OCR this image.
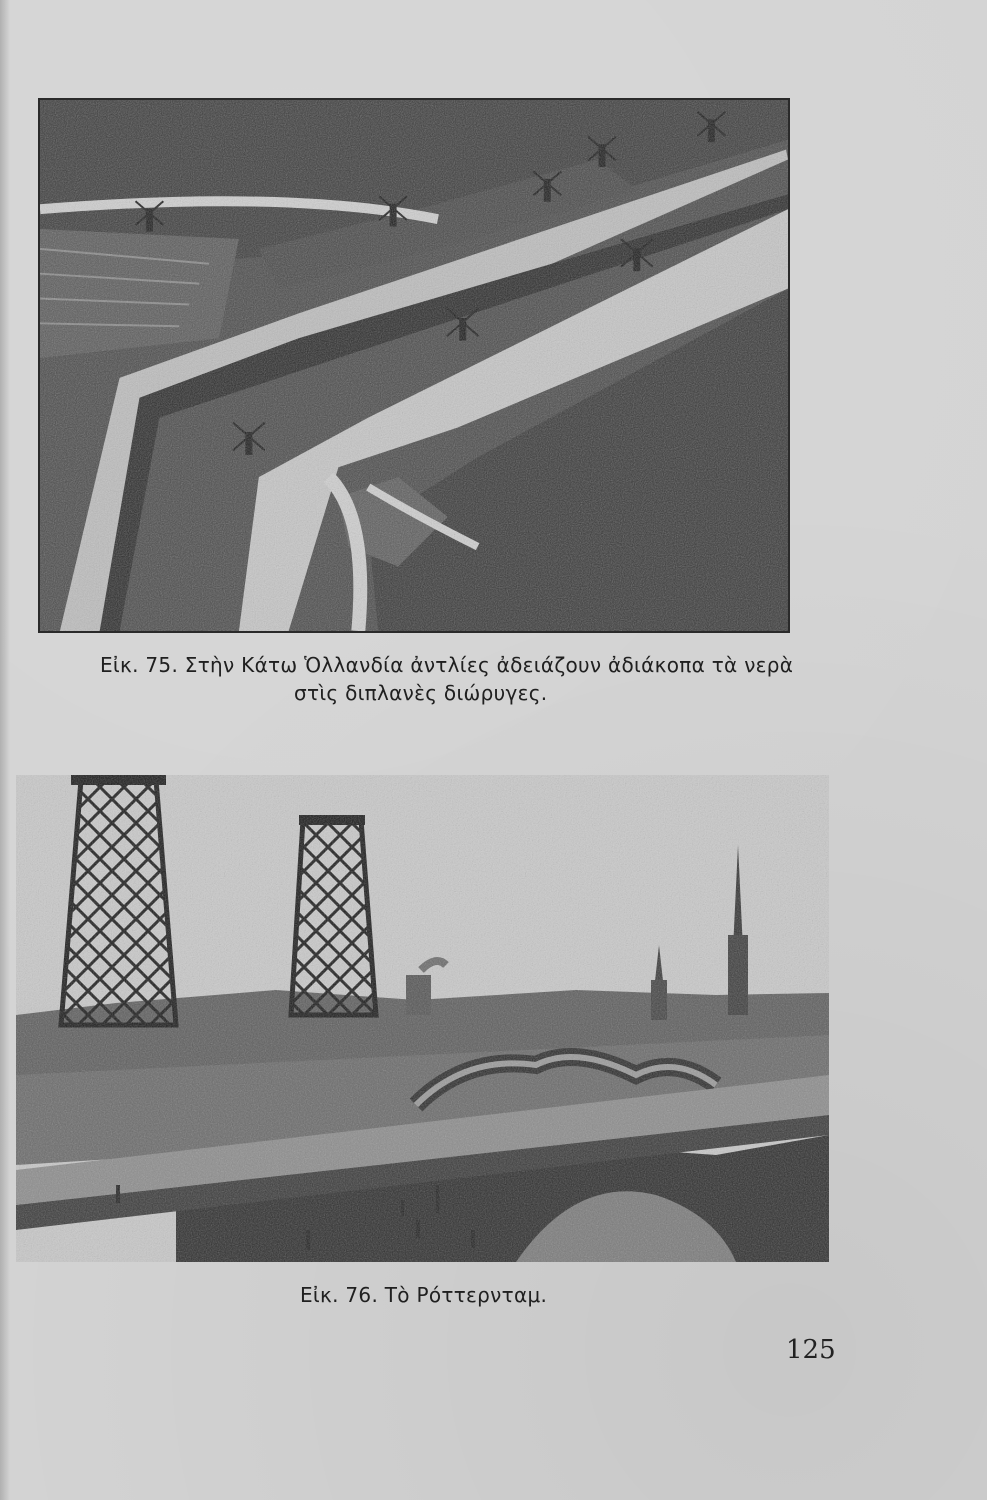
Εἰκ. 75. Στὴν Κάτω Ὁλλανδία ἀντλίες ἀδειάζουν ἀδιάκοπα τὰ νερὰ
στὶς διπλανὲς διώρυγες.
Εἰκ. 76. Τὸ Ρόττερνταμ.
125
